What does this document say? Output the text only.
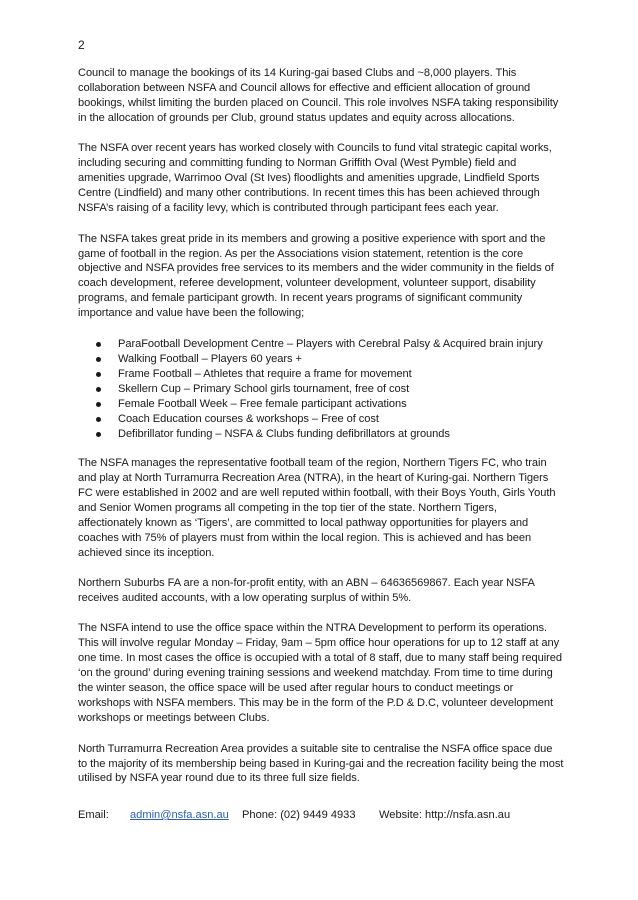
2

Council to manage the bookings of its 14 Kuring-gai based Clubs and ~8,000 players. This collaboration between NSFA and Council allows for effective and efficient allocation of ground bookings, whilst limiting the burden placed on Council. This role involves NSFA taking responsibility in the allocation of grounds per Club, ground status updates and equity across allocations.

The NSFA over recent years has worked closely with Councils to fund vital strategic capital works, including securing and committing funding to Norman Griffith Oval (West Pymble) field and amenities upgrade, Warrimoo Oval (St Ives) floodlights and amenities upgrade, Lindfield Sports Centre (Lindfield) and many other contributions. In recent times this has been achieved through NSFA’s raising of a facility levy, which is contributed through participant fees each year.

The NSFA takes great pride in its members and growing a positive experience with sport and the game of football in the region. As per the Associations vision statement, retention is the core objective and NSFA provides free services to its members and the wider community in the fields of coach development, referee development, volunteer development, volunteer support, disability programs, and female participant growth. In recent years programs of significant community importance and value have been the following;

ParaFootball Development Centre – Players with Cerebral Palsy & Acquired brain injury
Walking Football – Players 60 years +
Frame Football – Athletes that require a frame for movement
Skellern Cup – Primary School girls tournament, free of cost
Female Football Week – Free female participant activations
Coach Education courses & workshops – Free of cost
Defibrillator funding – NSFA & Clubs funding defibrillators at grounds

The NSFA manages the representative football team of the region, Northern Tigers FC, who train and play at North Turramurra Recreation Area (NTRA), in the heart of Kuring-gai. Northern Tigers FC were established in 2002 and are well reputed within football, with their Boys Youth, Girls Youth and Senior Women programs all competing in the top tier of the state. Northern Tigers, affectionately known as ‘Tigers’, are committed to local pathway opportunities for players and coaches with 75% of players must from within the local region. This is achieved and has been achieved since its inception.

Northern Suburbs FA are a non-for-profit entity, with an ABN – 64636569867. Each year NSFA receives audited accounts, with a low operating surplus of within 5%.

The NSFA intend to use the office space within the NTRA Development to perform its operations. This will involve regular Monday – Friday, 9am – 5pm office hour operations for up to 12 staff at any one time. In most cases the office is occupied with a total of 8 staff, due to many staff being required ‘on the ground’ during evening training sessions and weekend matchday. From time to time during the winter season, the office space will be used after regular hours to conduct meetings or workshops with NSFA members. This may be in the form of the P.D & D.C, volunteer development workshops or meetings between Clubs.

North Turramurra Recreation Area provides a suitable site to centralise the NSFA office space due to the majority of its membership being based in Kuring-gai and the recreation facility being the most utilised by NSFA year round due to its three full size fields.

Email: admin@nsfa.asn.au Phone: (02) 9449 4933 Website: http://nsfa.asn.au
